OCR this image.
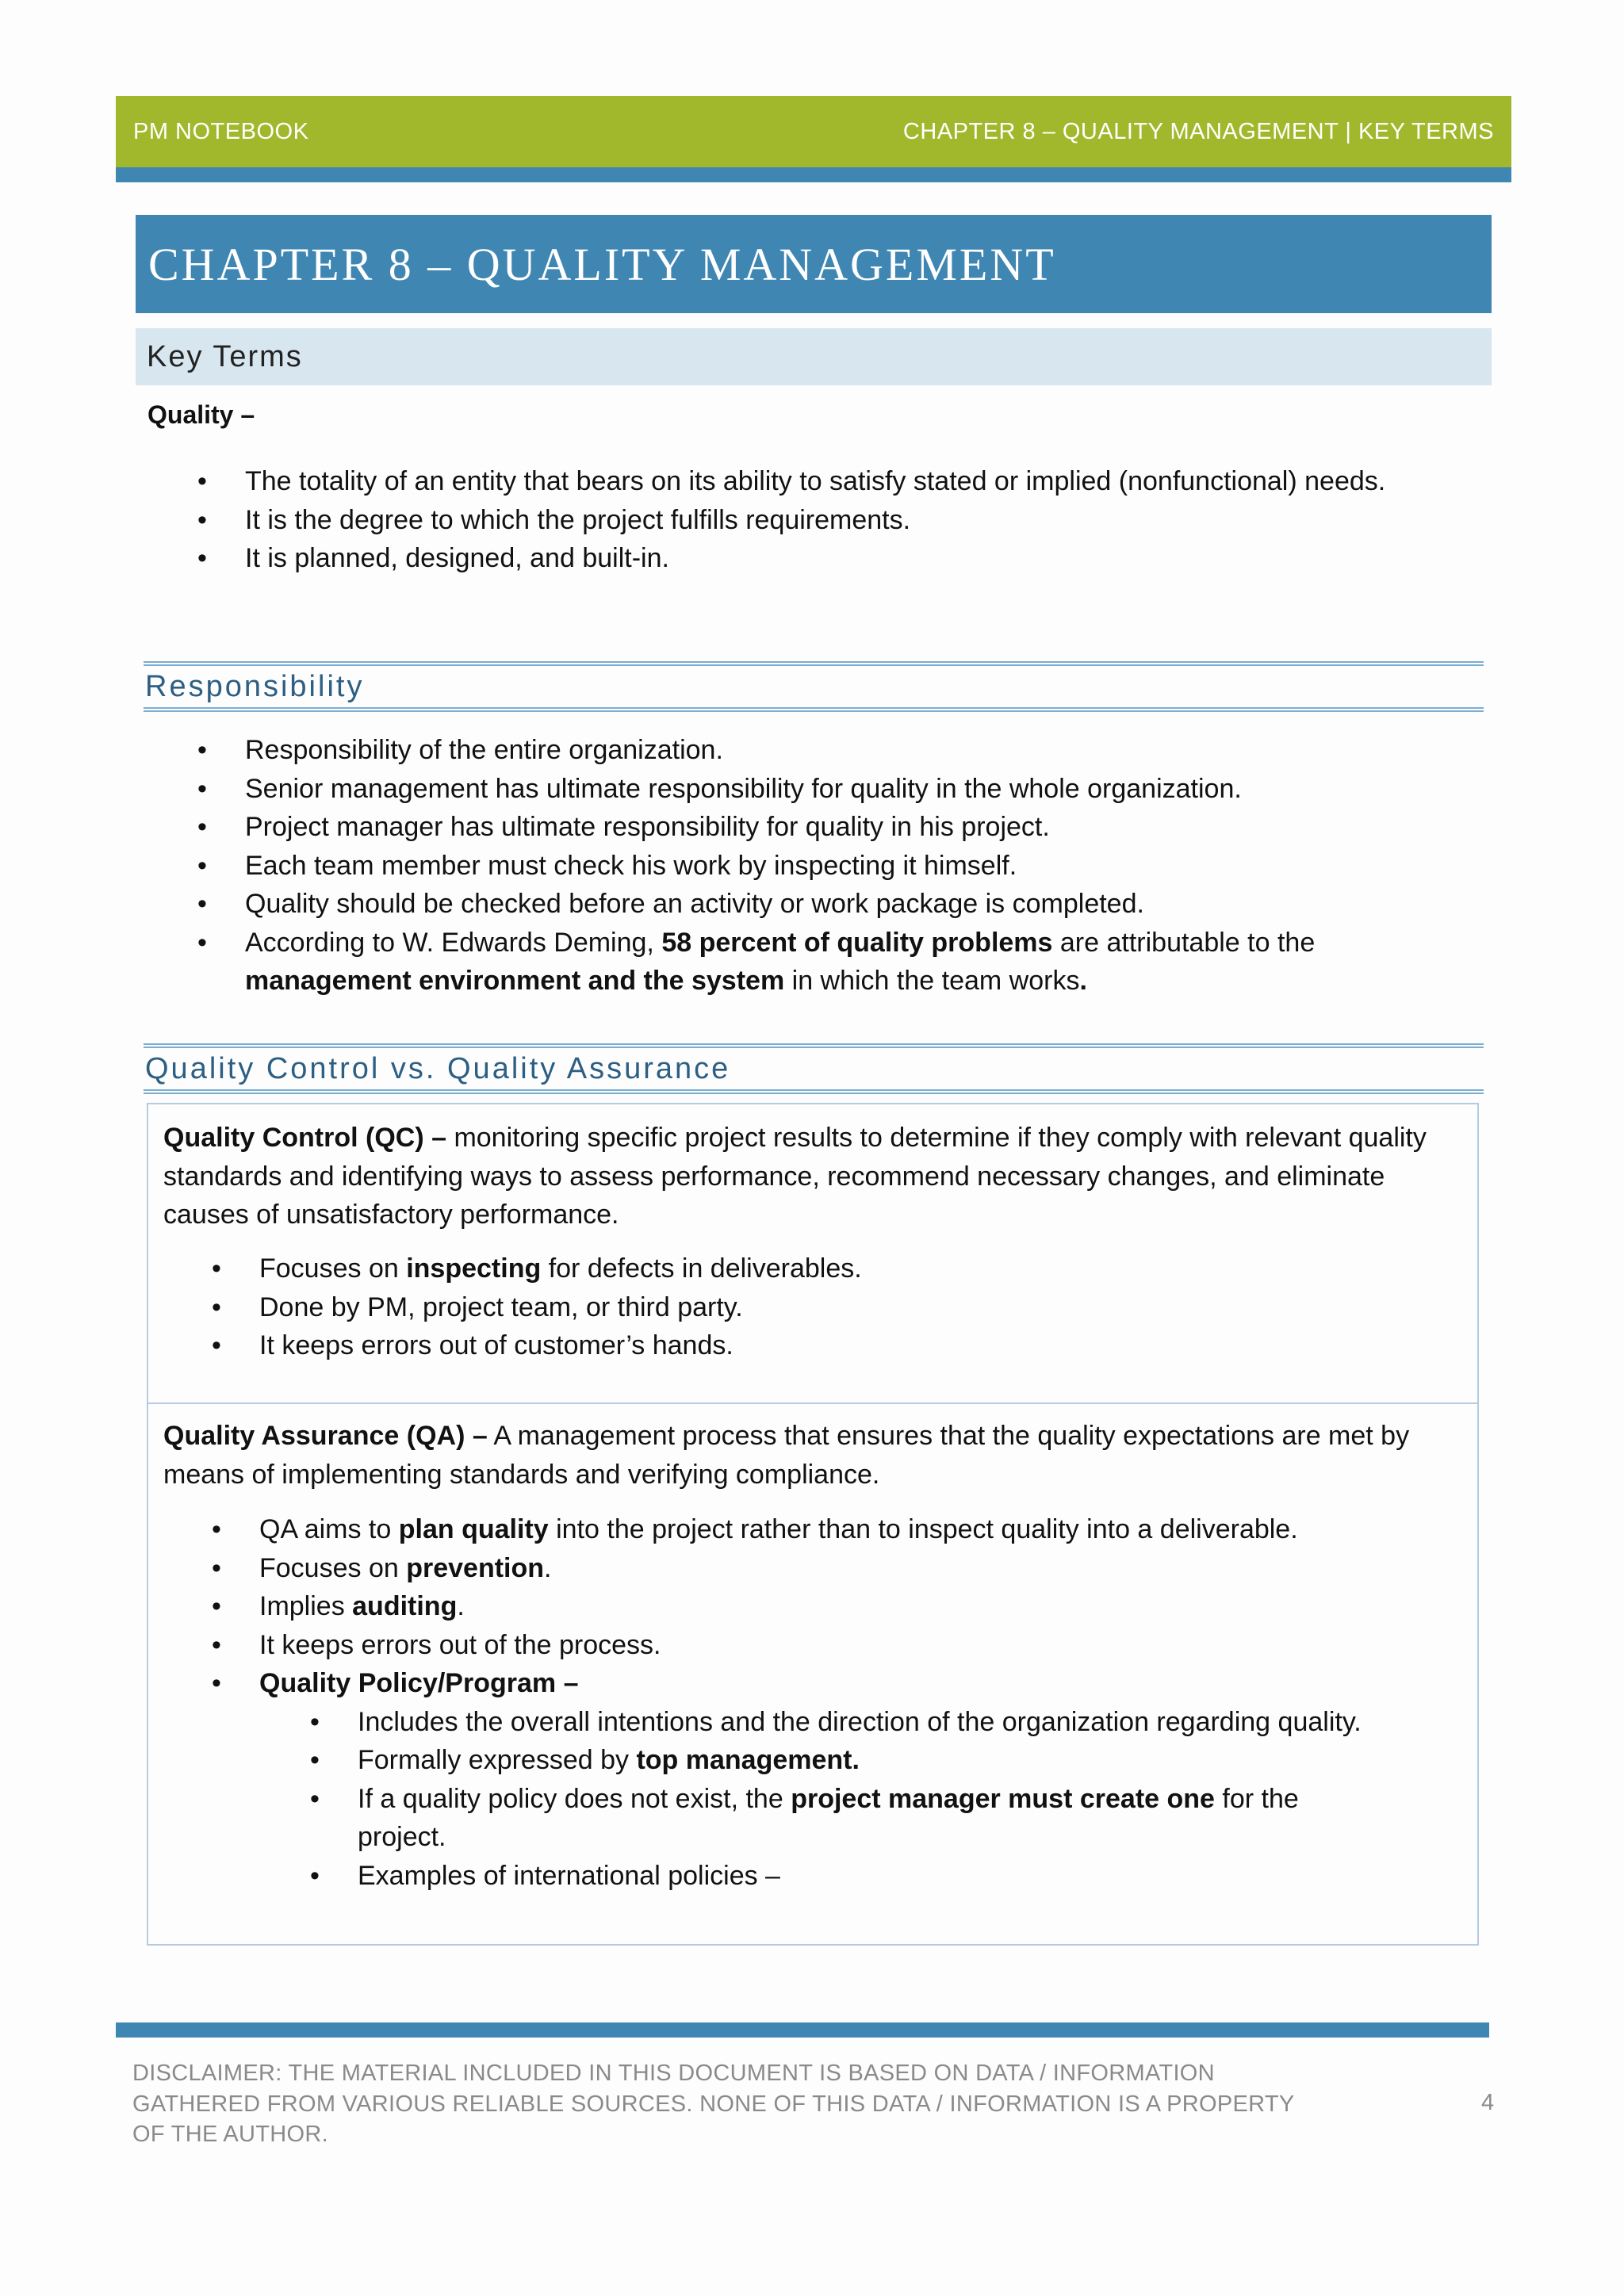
PM NOTEBOOK	CHAPTER 8 – QUALITY MANAGEMENT | KEY TERMS
CHAPTER 8 – QUALITY MANAGEMENT
Key Terms
Quality –
• The totality of an entity that bears on its ability to satisfy stated or implied (nonfunctional) needs.
• It is the degree to which the project fulfills requirements.
• It is planned, designed, and built-in.
Responsibility
• Responsibility of the entire organization.
• Senior management has ultimate responsibility for quality in the whole organization.
• Project manager has ultimate responsibility for quality in his project.
• Each team member must check his work by inspecting it himself.
• Quality should be checked before an activity or work package is completed.
• According to W. Edwards Deming, 58 percent of quality problems are attributable to the management environment and the system in which the team works.
Quality Control vs. Quality Assurance
Quality Control (QC) – monitoring specific project results to determine if they comply with relevant quality standards and identifying ways to assess performance, recommend necessary changes, and eliminate causes of unsatisfactory performance.
• Focuses on inspecting for defects in deliverables.
• Done by PM, project team, or third party.
• It keeps errors out of customer’s hands.
Quality Assurance (QA) – A management process that ensures that the quality expectations are met by means of implementing standards and verifying compliance.
• QA aims to plan quality into the project rather than to inspect quality into a deliverable.
• Focuses on prevention.
• Implies auditing.
• It keeps errors out of the process.
• Quality Policy/Program –
• Includes the overall intentions and the direction of the organization regarding quality.
• Formally expressed by top management.
• If a quality policy does not exist, the project manager must create one for the project.
• Examples of international policies –
DISCLAIMER: THE MATERIAL INCLUDED IN THIS DOCUMENT IS BASED ON DATA / INFORMATION GATHERED FROM VARIOUS RELIABLE SOURCES. NONE OF THIS DATA / INFORMATION IS A PROPERTY OF THE AUTHOR.
4
